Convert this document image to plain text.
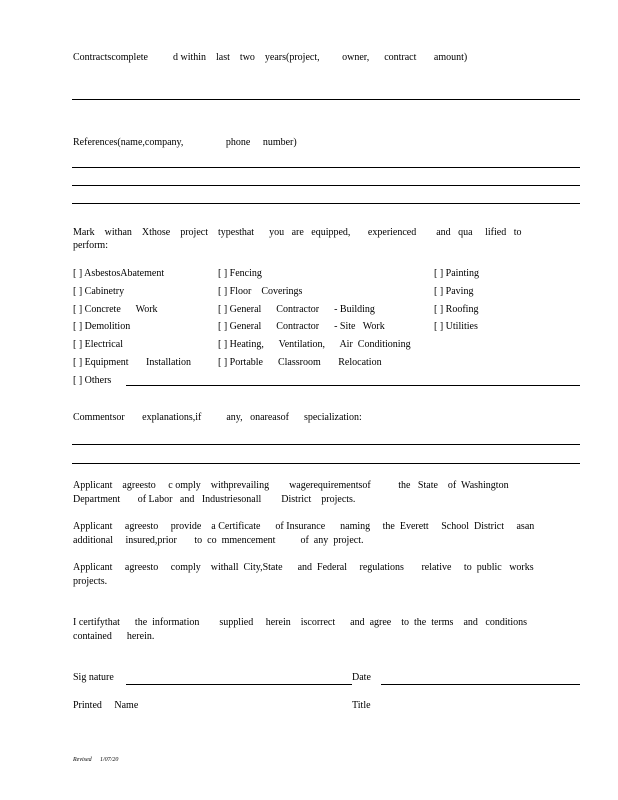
Contractscomplete          d within    last    two    years(project,         owner,      contract       amount)
References(name,company,                 phone     number)
Mark    withan    Xthose    project    typesthat      you   are   equipped,       experienced        and   qua     lified   to
perform:
[ ] AsbestosAbatement
[ ] Cabinetry
[ ] Concrete      Work
[ ] Demolition
[ ] Electrical
[ ] Equipment       Installation
[ ] Others
[ ] Fencing
[ ] Floor    Coverings
[ ] General      Contractor      - Building
[ ] General      Contractor      - Site   Work
[ ] Heating,      Ventilation,      Air  Conditioning
[ ] Portable      Classroom       Relocation
[ ] Painting
[ ] Paving
[ ] Roofing
[ ] Utilities
Commentsor       explanations,if          any,   onareasof      specialization:
Applicant    agreesto     c omply    withprevailing        wagerequirementsof           the   State    of  Washington
Department       of Labor   and   Industriesonall        District    projects.
Applicant     agreesto     provide    a Certificate      of Insurance      naming     the  Everett     School  District     asan
additional     insured,prior       to  co  mmencement          of  any  project.
Applicant     agreesto     comply    withall  City,State      and  Federal     regulations       relative     to  public   works
projects.
I certifythat      the  information        supplied     herein    iscorrect      and  agree    to  the  terms    and   conditions
contained      herein.
Sig nature	Date
Printed     Name	Title
Revised 1/07/20
